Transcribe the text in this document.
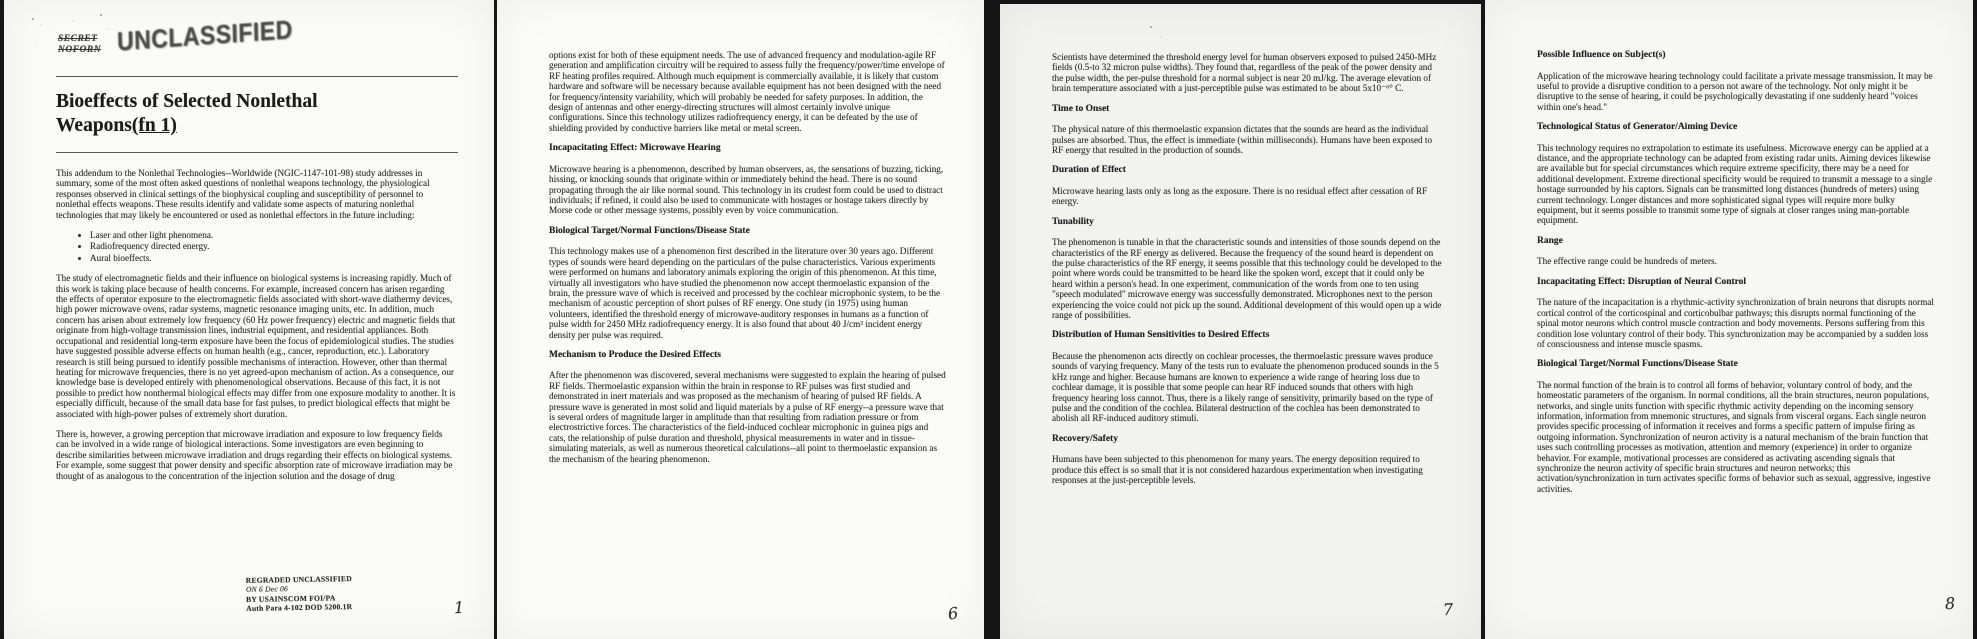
SECRET
NOFORN UNCLASSIFIED
Bioeffects of Selected Nonlethal Weapons(fn 1)

This addendum to the Nonlethal Technologies--Worldwide (NGIC-1147-101-98) study addresses in summary, some of the most often asked questions of nonlethal weapons technology, the physiological responses observed in clinical settings of the biophysical coupling and susceptibility of personnel to nonlethal effects weapons. These results identify and validate some aspects of maturing nonlethal technologies that may likely be encountered or used as nonlethal effectors in the future including:

• Laser and other light phenomena.
• Radiofrequency directed energy.
• Aural bioeffects.

The study of electromagnetic fields and their influence on biological systems is increasing rapidly. Much of this work is taking place because of health concerns. For example, increased concern has arisen regarding the effects of operator exposure to the electromagnetic fields associated with short-wave diathermy devices, high power microwave ovens, radar systems, magnetic resonance imaging units, etc. In addition, much concern has arisen about extremely low frequency (60 Hz power frequency) electric and magnetic fields that originate from high-voltage transmission lines, industrial equipment, and residential appliances. Both occupational and residential long-term exposure have been the focus of epidemiological studies. The studies have suggested possible adverse effects on human health (e.g., cancer, reproduction, etc.). Laboratory research is still being pursued to identify possible mechanisms of interaction. However, other than thermal heating for microwave frequencies, there is no yet agreed-upon mechanism of action. As a consequence, our knowledge base is developed entirely with phenomenological observations. Because of this fact, it is not possible to predict how nonthermal biological effects may differ from one exposure modality to another. It is especially difficult, because of the small data base for fast pulses, to predict biological effects that might be associated with high-power pulses of extremely short duration.

There is, however, a growing perception that microwave irradiation and exposure to low frequency fields can be involved in a wide range of biological interactions. Some investigators are even beginning to describe similarities between microwave irradiation and drugs regarding their effects on biological systems. For example, some suggest that power density and specific absorption rate of microwave irradiation may be thought of as analogous to the concentration of the injection solution and the dosage of drug

REGRADED UNCLASSIFIED
ON 6 Dec 06
BY USAINSCOM FOI/PA
Auth Para 4-102 DOD 5200.1R	1

options exist for both of these equipment needs. The use of advanced frequency and modulation-agile RF generation and amplification circuitry will be required to assess fully the frequency/power/time envelope of RF heating profiles required. Although much equipment is commercially available, it is likely that custom hardware and software will be necessary because available equipment has not been designed with the need for frequency/intensity variability, which will probably be needed for safety purposes. In addition, the design of antennas and other energy-directing structures will almost certainly involve unique configurations. Since this technology utilizes radiofrequency energy, it can be defeated by the use of shielding provided by conductive barriers like metal or metal screen.

Incapacitating Effect: Microwave Hearing

Microwave hearing is a phenomenon, described by human observers, as, the sensations of buzzing, ticking, hissing, or knocking sounds that originate within or immediately behind the head. There is no sound propagating through the air like normal sound. This technology in its crudest form could be used to distract individuals; if refined, it could also be used to communicate with hostages or hostage takers directly by Morse code or other message systems, possibly even by voice communication.

Biological Target/Normal Functions/Disease State

This technology makes use of a phenomenon first described in the literature over 30 years ago. Different types of sounds were heard depending on the particulars of the pulse characteristics. Various experiments were performed on humans and laboratory animals exploring the origin of this phenomenon. At this time, virtually all investigators who have studied the phenomenon now accept thermoelastic expansion of the brain, the pressure wave of which is received and processed by the cochlear microphonic system, to be the mechanism of acoustic perception of short pulses of RF energy. One study (in 1975) using human volunteers, identified the threshold energy of microwave-auditory responses in humans as a function of pulse width for 2450 MHz radiofrequency energy. It is also found that about 40 J/cm² incident energy density per pulse was required.

Mechanism to Produce the Desired Effects

After the phenomenon was discovered, several mechanisms were suggested to explain the hearing of pulsed RF fields. Thermoelastic expansion within the brain in response to RF pulses was first studied and demonstrated in inert materials and was proposed as the mechanism of hearing of pulsed RF fields. A pressure wave is generated in most solid and liquid materials by a pulse of RF energy--a pressure wave that is several orders of magnitude larger in amplitude than that resulting from radiation pressure or from electrostrictive forces. The characteristics of the field-induced cochlear microphonic in guinea pigs and cats, the relationship of pulse duration and threshold, physical measurements in water and in tissue-simulating materials, as well as numerous theoretical calculations--all point to thermoelastic expansion as the mechanism of the hearing phenomenon.

6

Scientists have determined the threshold energy level for human observers exposed to pulsed 2450-MHz fields (0.5-to 32 micron pulse widths). They found that, regardless of the peak of the power density and the pulse width, the per-pulse threshold for a normal subject is near 20 mJ/kg. The average elevation of brain temperature associated with a just-perceptible pulse was estimated to be about 5x10⁻⁶° C.

Time to Onset

The physical nature of this thermoelastic expansion dictates that the sounds are heard as the individual pulses are absorbed. Thus, the effect is immediate (within milliseconds). Humans have been exposed to RF energy that resulted in the production of sounds.

Duration of Effect

Microwave hearing lasts only as long as the exposure. There is no residual effect after cessation of RF energy.

Tunability

The phenomenon is tunable in that the characteristic sounds and intensities of those sounds depend on the characteristics of the RF energy as delivered. Because the frequency of the sound heard is dependent on the pulse characteristics of the RF energy, it seems possible that this technology could be developed to the point where words could be transmitted to be heard like the spoken word, except that it could only be heard within a person's head. In one experiment, communication of the words from one to ten using "speech modulated" microwave energy was successfully demonstrated. Microphones next to the person experiencing the voice could not pick up the sound. Additional development of this would open up a wide range of possibilities.

Distribution of Human Sensitivities to Desired Effects

Because the phenomenon acts directly on cochlear processes, the thermoelastic pressure waves produce sounds of varying frequency. Many of the tests run to evaluate the phenomenon produced sounds in the 5 kHz range and higher. Because humans are known to experience a wide range of hearing loss due to cochlear damage, it is possible that some people can hear RF induced sounds that others with high frequency hearing loss cannot. Thus, there is a likely range of sensitivity, primarily based on the type of pulse and the condition of the cochlea. Bilateral destruction of the cochlea has been demonstrated to abolish all RF-induced auditory stimuli.

Recovery/Safety

Humans have been subjected to this phenomenon for many years. The energy deposition required to produce this effect is so small that it is not considered hazardous experimentation when investigating responses at the just-perceptible levels.

7
Possible Influence on Subject(s)

Application of the microwave hearing technology could facilitate a private message transmission. It may be useful to provide a disruptive condition to a person not aware of the technology. Not only might it be disruptive to the sense of hearing, it could be psychologically devastating if one suddenly heard "voices within one's head."

Technological Status of Generator/Aiming Device

This technology requires no extrapolation to estimate its usefulness. Microwave energy can be applied at a distance, and the appropriate technology can be adapted from existing radar units. Aiming devices likewise are available but for special circumstances which require extreme specificity, there may be a need for additional development. Extreme directional specificity would be required to transmit a message to a single hostage surrounded by his captors. Signals can be transmitted long distances (hundreds of meters) using current technology. Longer distances and more sophisticated signal types will require more bulky equipment, but it seems possible to transmit some type of signals at closer ranges using man-portable equipment.

Range

The effective range could be hundreds of meters.

Incapacitating Effect: Disruption of Neural Control

The nature of the incapacitation is a rhythmic-activity synchronization of brain neurons that disrupts normal cortical control of the corticospinal and corticobulbar pathways; this disrupts normal functioning of the spinal motor neurons which control muscle contraction and body movements. Persons suffering from this condition lose voluntary control of their body. This synchronization may be accompanied by a sudden loss of consciousness and intense muscle spasms.

Biological Target/Normal Functions/Disease State

The normal function of the brain is to control all forms of behavior, voluntary control of body, and the homeostatic parameters of the organism. In normal conditions, all the brain structures, neuron populations, networks, and single units function with specific rhythmic activity depending on the incoming sensory information, information from mnemonic structures, and signals from visceral organs. Each single neuron provides specific processing of information it receives and forms a specific pattern of impulse firing as outgoing information. Synchronization of neuron activity is a natural mechanism of the brain function that uses such controlling processes as motivation, attention and memory (experience) in order to organize behavior. For example, motivational processes are considered as activating ascending signals that synchronize the neuron activity of specific brain structures and neuron networks; this activation/synchronization in turn activates specific forms of behavior such as sexual, aggressive, ingestive activities.

8
